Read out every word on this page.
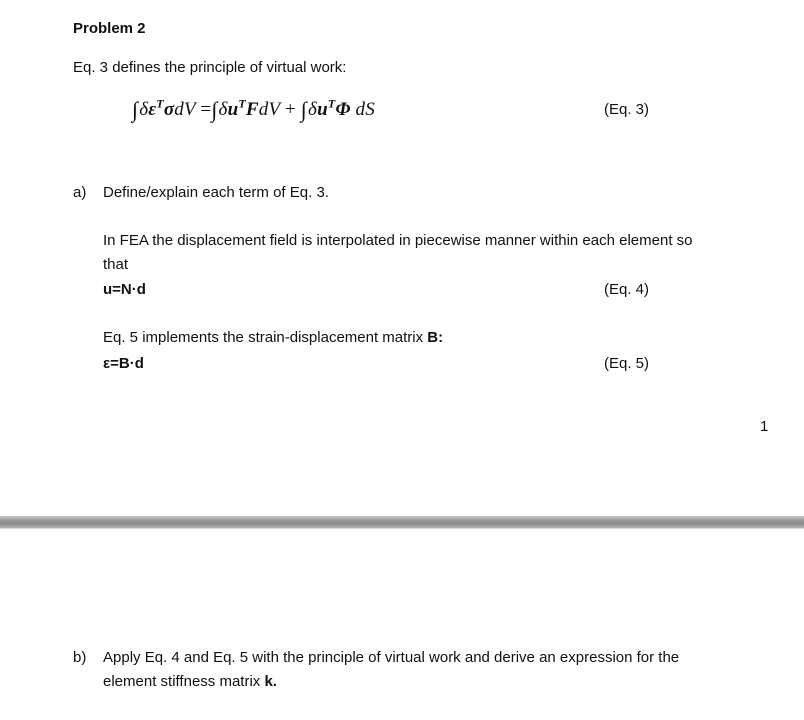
Problem 2
Eq. 3 defines the principle of virtual work:
$\int\delta\varepsilon^T\sigma dV =\int\delta u^TFdV + \int\delta u^T\Phi$ dS	(Eq. 3)
a) Define/explain each term of Eq. 3.
In FEA the displacement field is interpolated in piecewise manner within each element so
that
u=N·d	(Eq. 4)
Eq. 5 implements the strain-displacement matrix B:
ε=B·d	(Eq. 5)
1
b) Apply Eq. 4 and Eq. 5 with the principle of virtual work and derive an expression for the
element stiffness matrix k.
